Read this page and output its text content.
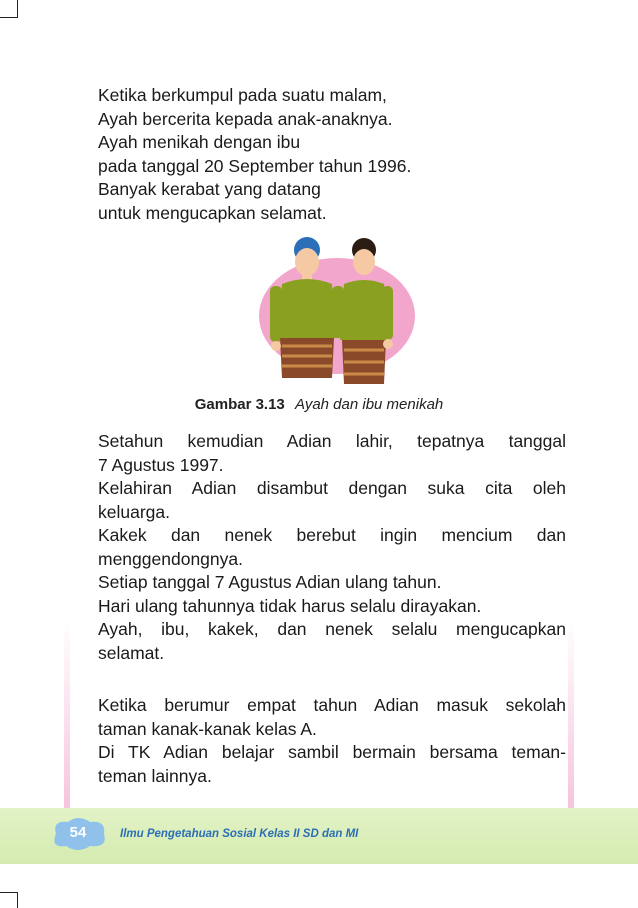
Ketika berkumpul pada suatu malam,
Ayah bercerita kepada anak-anaknya.
Ayah menikah dengan ibu
pada tanggal 20 September tahun 1996.
Banyak kerabat yang datang
untuk mengucapkan selamat.
Gambar 3.13 Ayah dan ibu menikah
Setahun kemudian Adian lahir, tepatnya tanggal
7 Agustus 1997.
Kelahiran Adian disambut dengan suka cita oleh
keluarga.
Kakek dan nenek berebut ingin mencium dan
menggendongnya.
Setiap tanggal 7 Agustus Adian ulang tahun.
Hari ulang tahunnya tidak harus selalu dirayakan.
Ayah, ibu, kakek, dan nenek selalu mengucapkan
selamat.
Ketika berumur empat tahun Adian masuk sekolah
taman kanak-kanak kelas A.
Di TK Adian belajar sambil bermain bersama teman-
teman lainnya.
54	Ilmu Pengetahuan Sosial Kelas II SD dan MI
